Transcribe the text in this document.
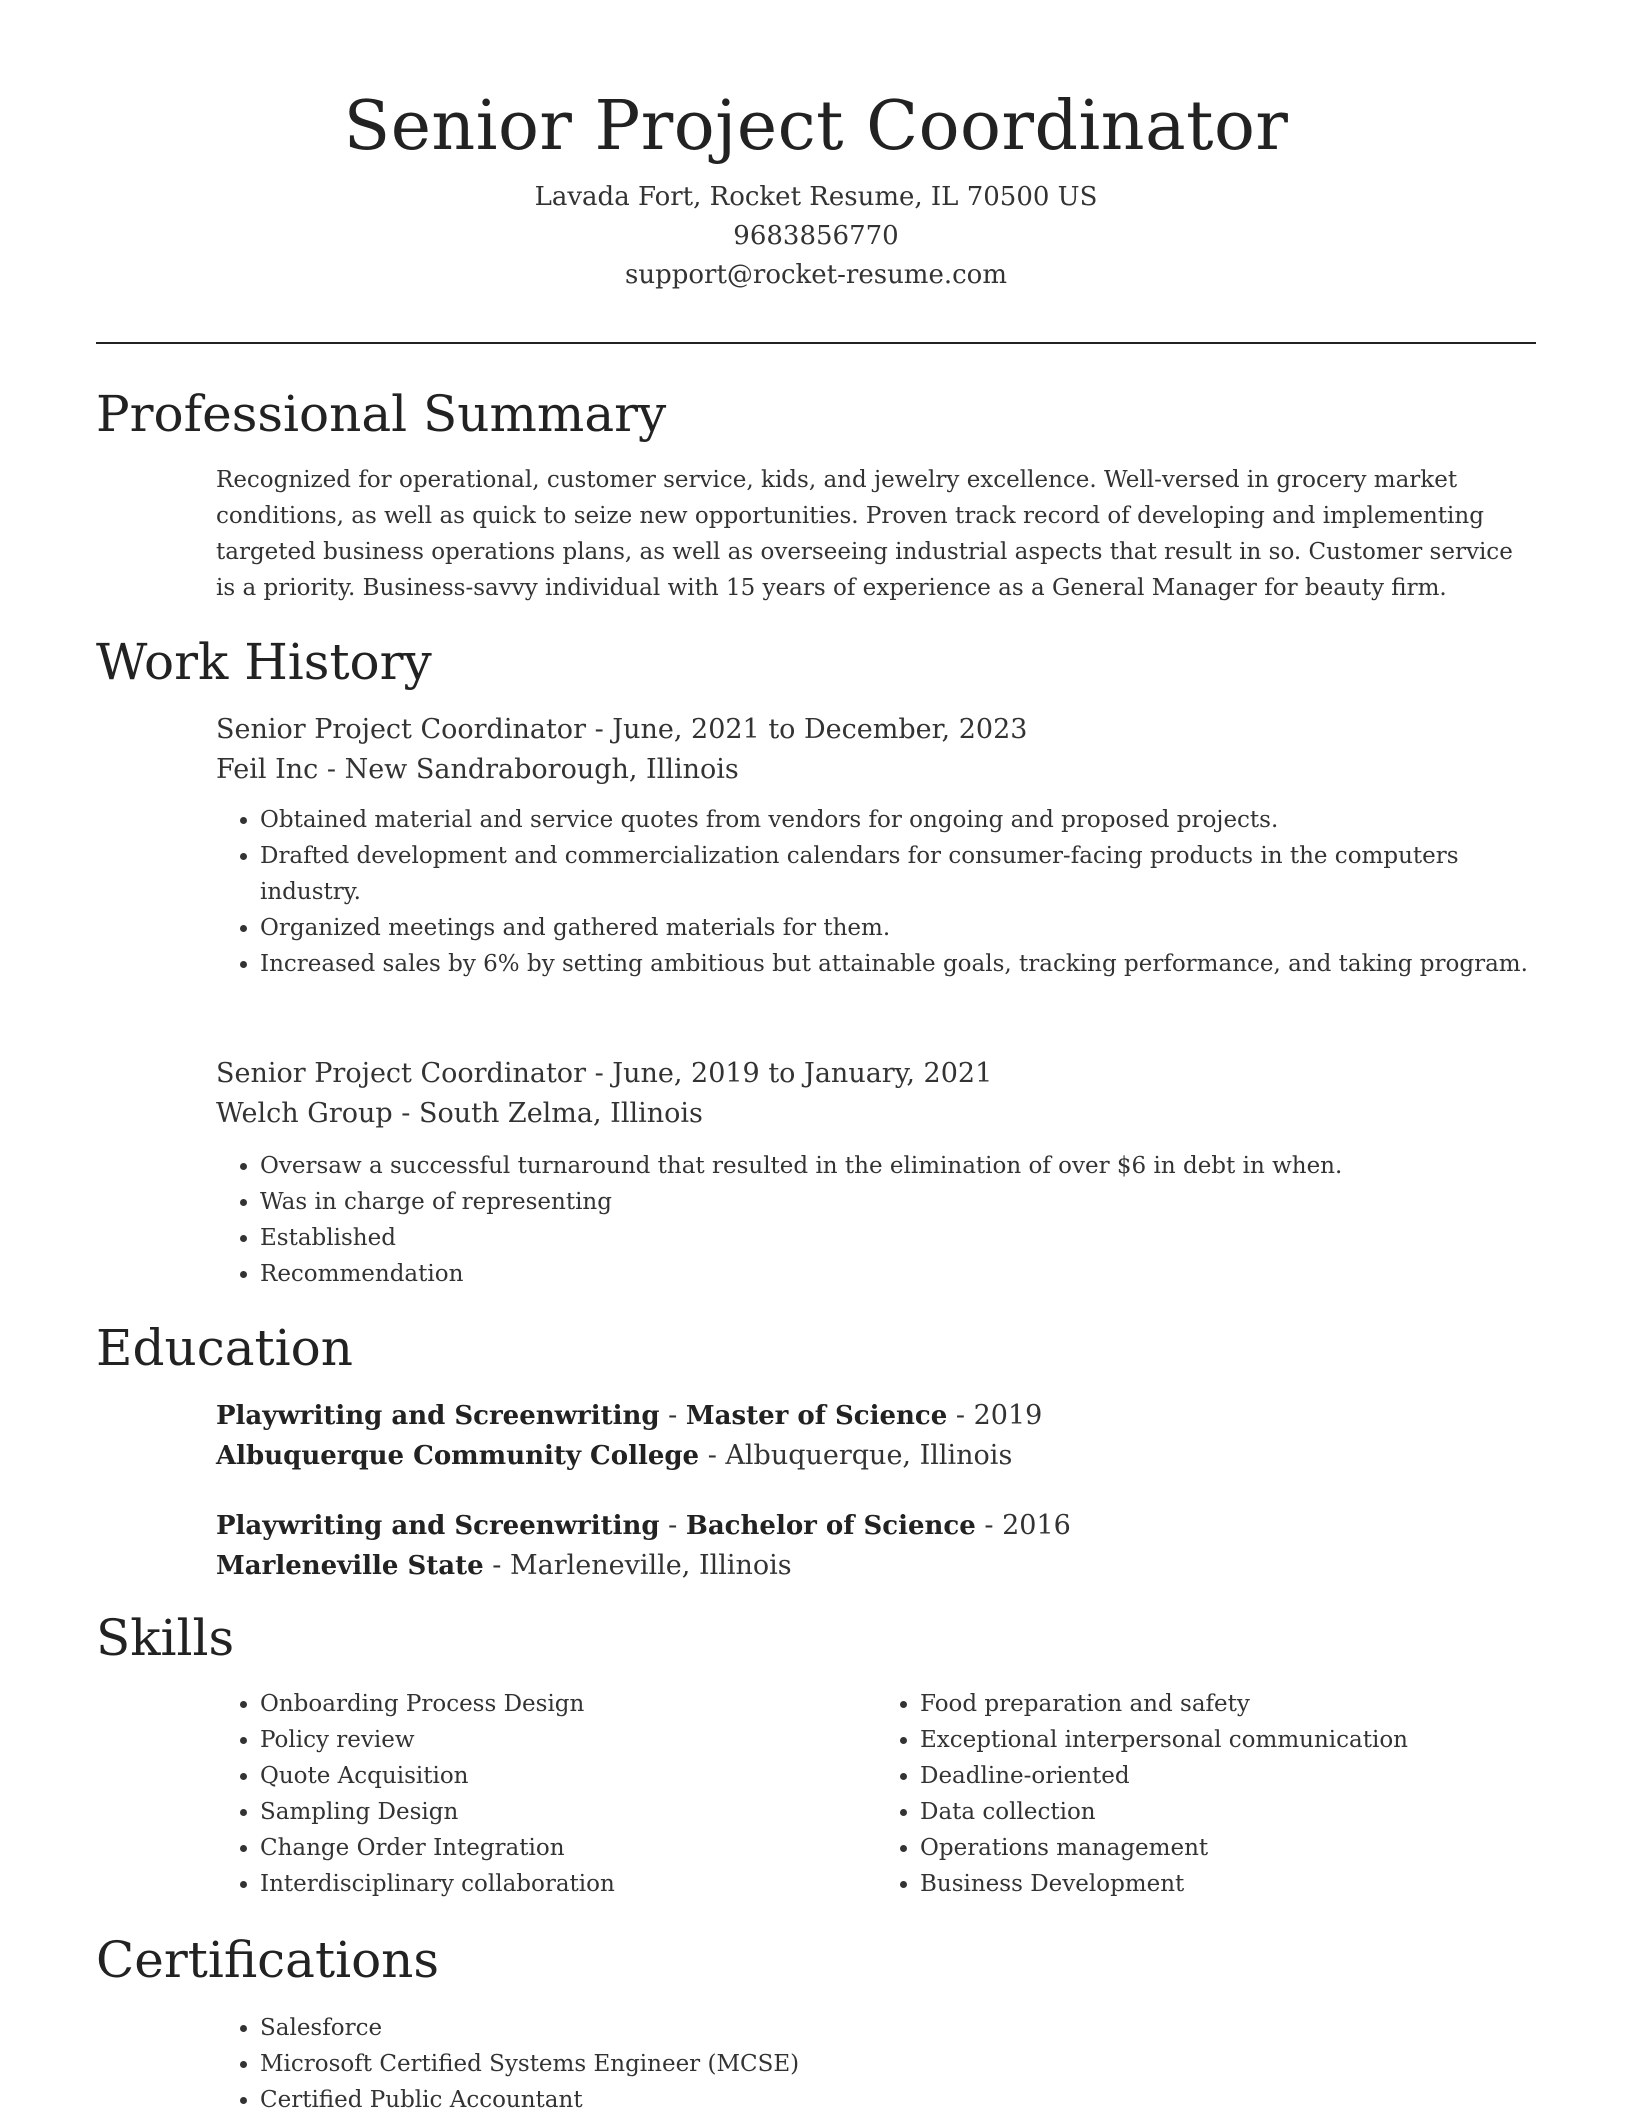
Senior Project Coordinator
Lavada Fort, Rocket Resume, IL 70500 US
9683856770
support@rocket-resume.com
Professional Summary

Recognized for operational, customer service, kids, and jewelry excellence. Well-versed in grocery market conditions, as well as quick to seize new opportunities. Proven track record of developing and implementing targeted business operations plans, as well as overseeing industrial aspects that result in so. Customer service is a priority. Business-savvy individual with 15 years of experience as a General Manager for beauty firm.

Work History
Senior Project Coordinator - June, 2021 to December, 2023
Feil Inc - New Sandraborough, Illinois
• Obtained material and service quotes from vendors for ongoing and proposed projects.
• Drafted development and commercialization calendars for consumer-facing products in the computers industry.
• Organized meetings and gathered materials for them.
• Increased sales by 6% by setting ambitious but attainable goals, tracking performance, and taking program.
Senior Project Coordinator - June, 2019 to January, 2021
Welch Group - South Zelma, Illinois
• Oversaw a successful turnaround that resulted in the elimination of over $6 in debt in when.
• Was in charge of representing
• Established
• Recommendation
Education
Playwriting and Screenwriting - Master of Science - 2019
Albuquerque Community College - Albuquerque, Illinois
Playwriting and Screenwriting - Bachelor of Science - 2016
Marleneville State - Marleneville, Illinois
Skills
• Onboarding Process Design
• Policy review
• Quote Acquisition
• Sampling Design
• Change Order Integration
• Interdisciplinary collaboration
• Food preparation and safety
• Exceptional interpersonal communication
• Deadline-oriented
• Data collection
• Operations management
• Business Development
Certifications
• Salesforce
• Microsoft Certified Systems Engineer (MCSE)
• Certified Public Accountant
